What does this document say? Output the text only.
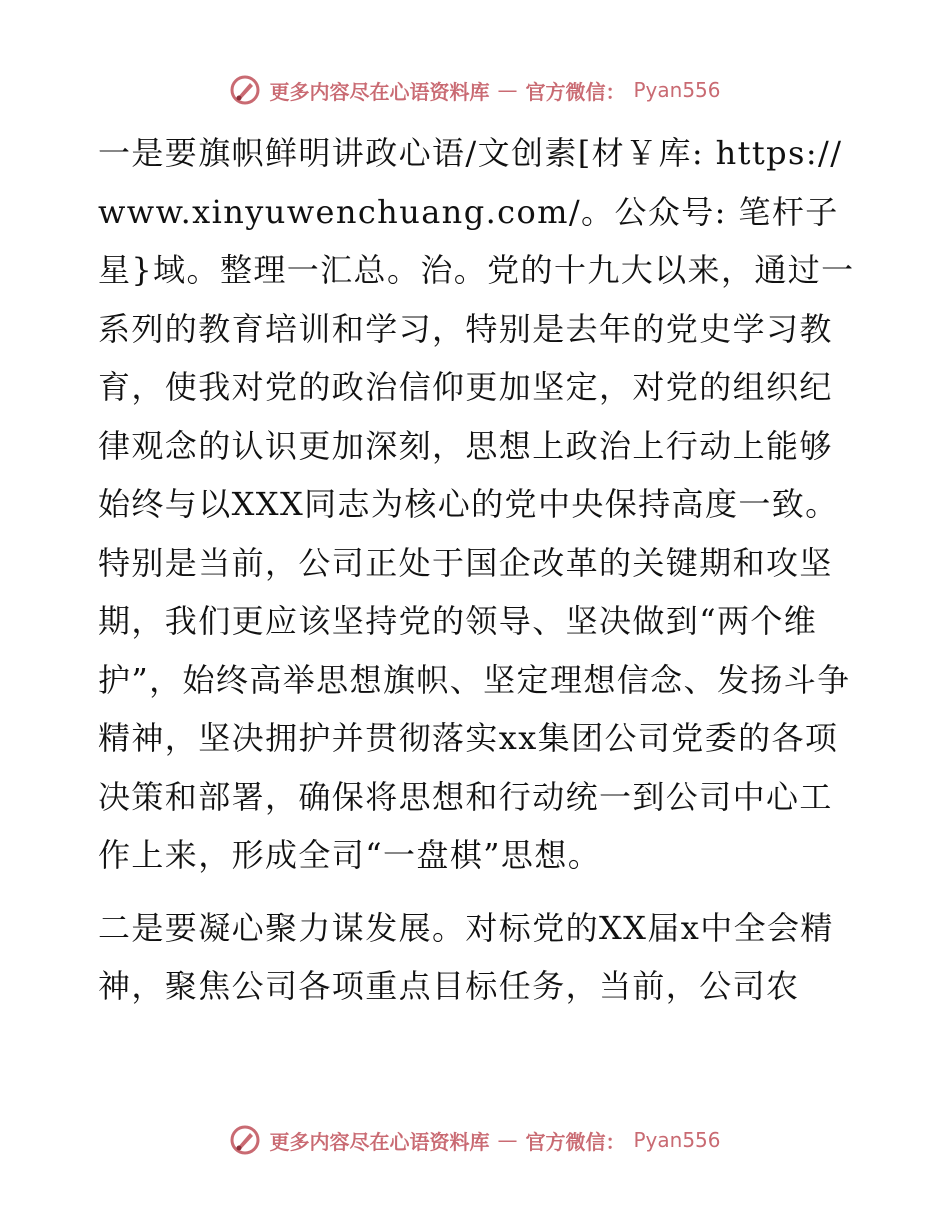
更多内容尽在心语资料库 — 官方微信： Pyan556

一是要旗帜鲜明讲政心语/文创素[材￥库: https://www.xinyuwenchuang.com/。公众号: 笔杆子星}域。整理一汇总。治。党的十九大以来，通过一系列的教育培训和学习，特别是去年的党史学习教育，使我对党的政治信仰更加坚定，对党的组织纪律观念的认识更加深刻，思想上政治上行动上能够始终与以XXX同志为核心的党中央保持高度一致。特别是当前，公司正处于国企改革的关键期和攻坚期，我们更应该坚持党的领导、坚决做到“两个维护”，始终高举思想旗帜、坚定理想信念、发扬斗争精神，坚决拥护并贯彻落实xx集团公司党委的各项决策和部署，确保将思想和行动统一到公司中心工作上来，形成全司“一盘棋”思想。

二是要凝心聚力谋发展。对标党的XX届x中全会精神，聚焦公司各项重点目标任务，当前，公司农

更多内容尽在心语资料库 — 官方微信： Pyan556
